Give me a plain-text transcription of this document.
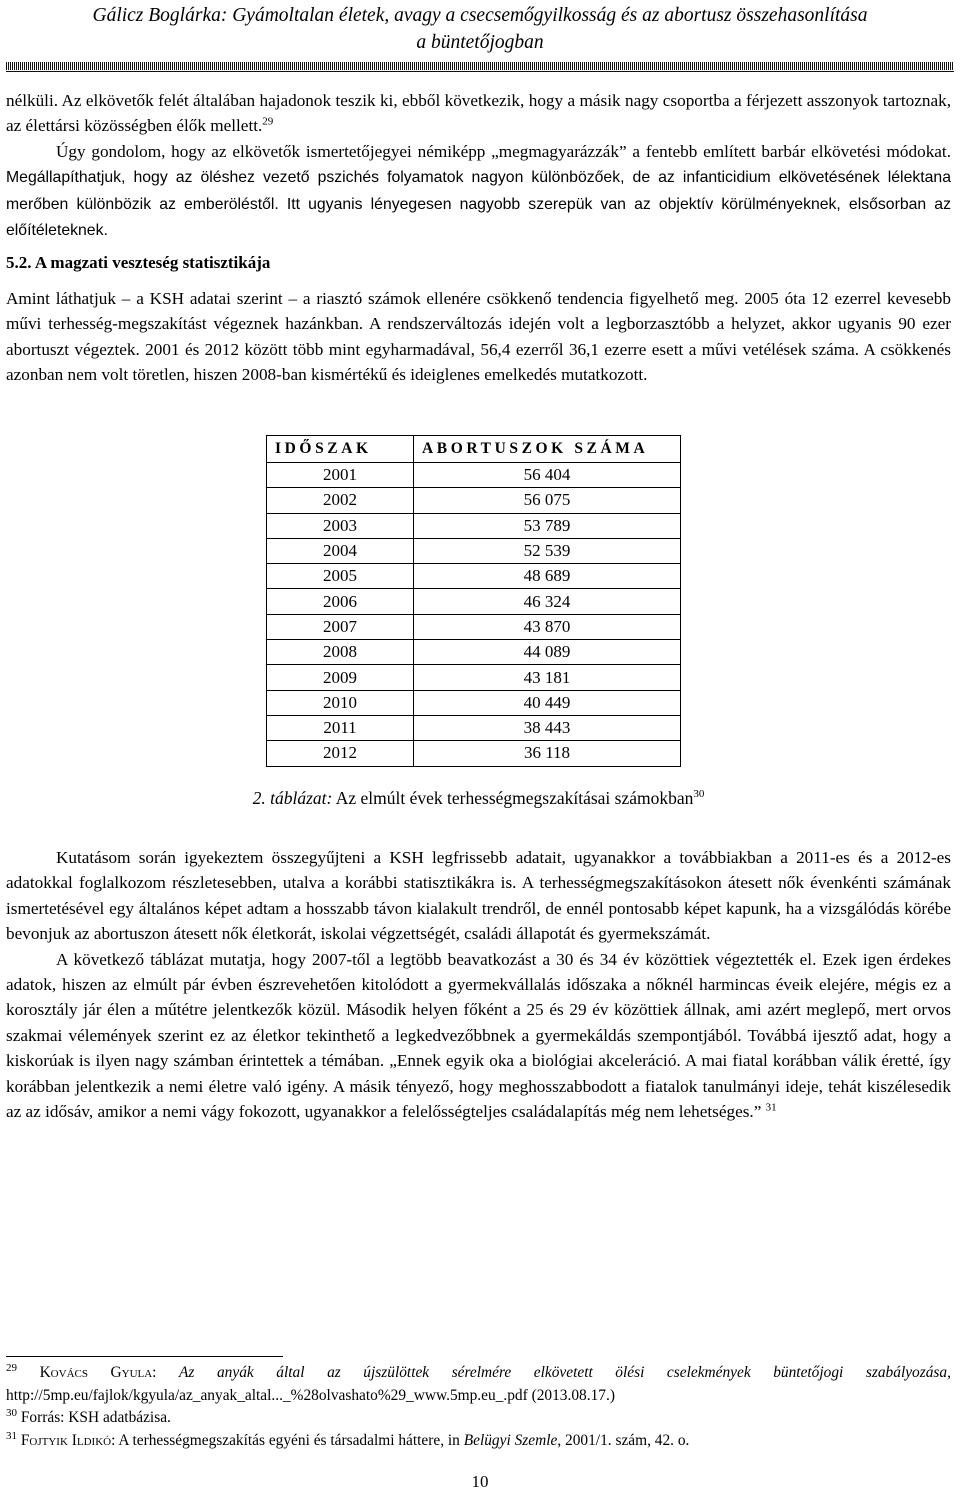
Gálicz Boglárka: Gyámoltalan életek, avagy a csecsemőgyilkosság és az abortusz összehasonlítása
a büntetőjogban

nélküli. Az elkövetők felét általában hajadonok teszik ki, ebből következik, hogy a másik nagy csoportba a férjezett asszonyok tartoznak, az élettársi közösségben élők mellett.$^{29}$

Úgy gondolom, hogy az elkövetők ismertetőjegyei némiképp „megmagyarázzák” a fentebb említett barbár elkövetési módokat. Megállapíthatjuk, hogy az öléshez vezető pszichés folyamatok nagyon különbözőek, de az infanticidium elkövetésének lélektana merőben különbözik az emberöléstől. Itt ugyanis lényegesen nagyobb szerepük van az objektív körülményeknek, elsősorban az előítéleteknek.

5.2. A magzati veszteség statisztikája

Amint láthatjuk – a KSH adatai szerint – a riasztó számok ellenére csökkenő tendencia figyelhető meg. 2005 óta 12 ezerrel kevesebb művi terhesség-megszakítást végeznek hazánkban. A rendszerváltozás idején volt a legborzasztóbb a helyzet, akkor ugyanis 90 ezer abortuszt végeztek. 2001 és 2012 között több mint egyharmadával, 56,4 ezerről 36,1 ezerre esett a művi vetélések száma. A csökkenés azonban nem volt töretlen, hiszen 2008-ban kismértékű és ideiglenes emelkedés mutatkozott.

IDŐSZAK	ABORTUSZOK SZÁMA
2001	56 404
2002	56 075
2003	53 789
2004	52 539
2005	48 689
2006	46 324
2007	43 870
2008	44 089
2009	43 181
2010	40 449
2011	38 443
2012	36 118
2. táblázat: Az elmúlt évek terhességmegszakításai számokban$^{30}$

Kutatásom során igyekeztem összegyűjteni a KSH legfrissebb adatait, ugyanakkor a továbbiakban a 2011-es és a 2012-es adatokkal foglalkozom részletesebben, utalva a korábbi statisztikákra is. A terhességmegszakításokon átesett nők évenkénti számának ismertetésével egy általános képet adtam a hosszabb távon kialakult trendről, de ennél pontosabb képet kapunk, ha a vizsgálódás körébe bevonjuk az abortuszon átesett nők életkorát, iskolai végzettségét, családi állapotát és gyermekszámát.

A következő táblázat mutatja, hogy 2007-től a legtöbb beavatkozást a 30 és 34 év közöttiek végeztették el. Ezek igen érdekes adatok, hiszen az elmúlt pár évben észrevehetően kitolódott a gyermekvállalás időszaka a nőknél harmincas éveik elejére, mégis ez a korosztály jár élen a műtétre jelentkezők közül. Második helyen főként a 25 és 29 év közöttiek állnak, ami azért meglepő, mert orvos szakmai vélemények szerint ez az életkor tekinthető a legkedvezőbbnek a gyermekáldás szempontjából. Továbbá ijesztő adat, hogy a kiskorúak is ilyen nagy számban érintettek a témában. „Ennek egyik oka a biológiai akceleráció. A mai fiatal korábban válik éretté, így korábban jelentkezik a nemi életre való igény. A másik tényező, hogy meghosszabbodott a fiatalok tanulmányi ideje, tehát kiszélesedik az az idősáv, amikor a nemi vágy fokozott, ugyanakkor a felelősségteljes családalapítás még nem lehetséges.” $^{31}$

$^{29}$ Kovács Gyula: Az anyák által az újszülöttek sérelmére elkövetett ölési cselekmények büntetőjogi szabályozása, http://5mp.eu/fajlok/kgyula/az_anyak_altal..._%28olvashato%29_www.5mp.eu_.pdf (2013.08.17.)

$^{30}$ Forrás: KSH adatbázisa.

$^{31}$ Fojtyik Ildikó: A terhességmegszakítás egyéni és társadalmi háttere, in Belügyi Szemle, 2001/1. szám, 42. o.

10
